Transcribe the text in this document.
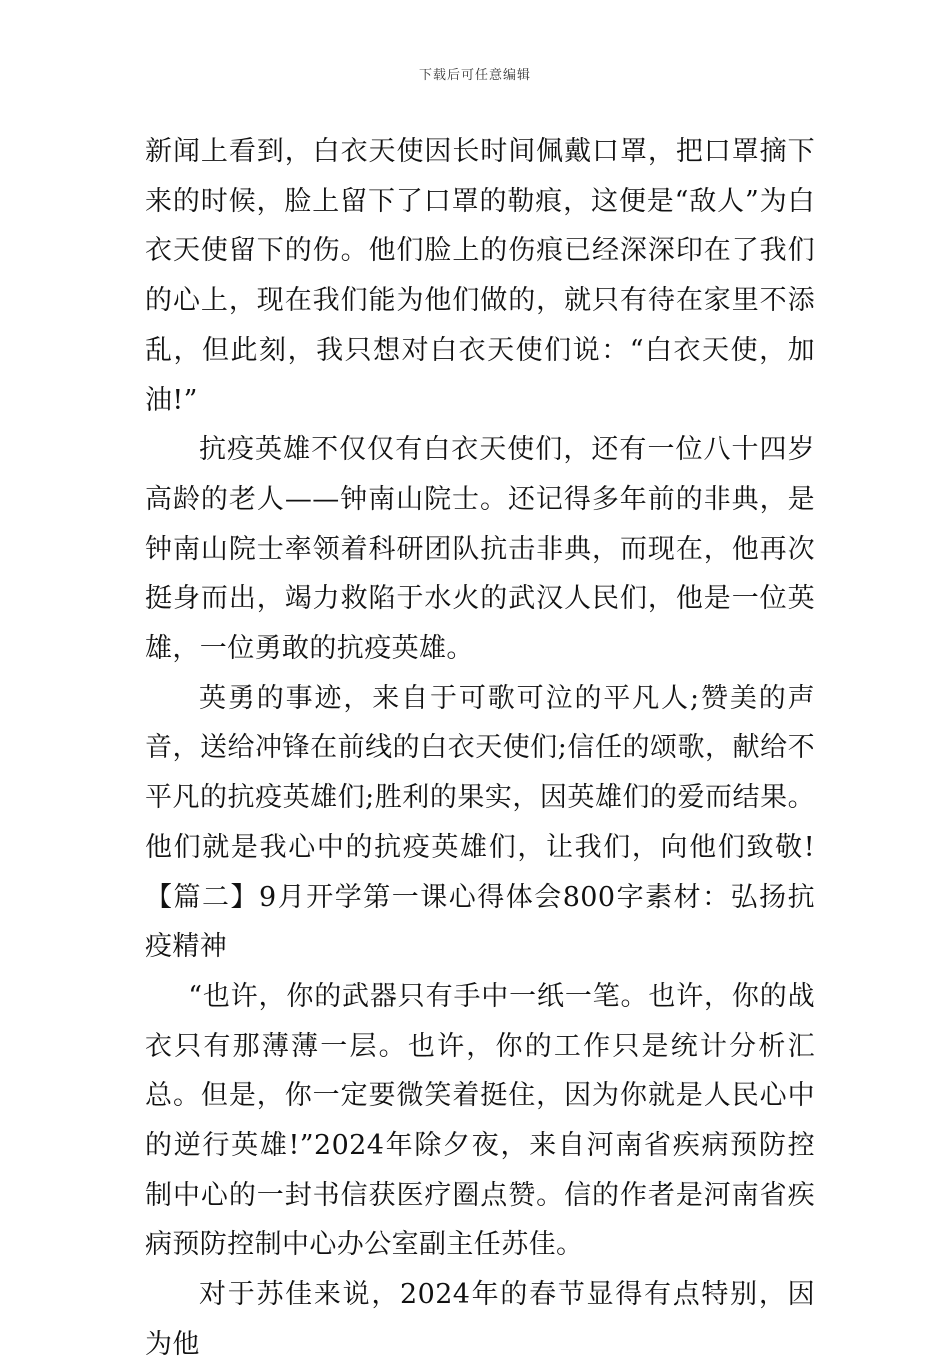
下载后可任意编辑

新闻上看到，白衣天使因长时间佩戴口罩，把口罩摘下来的时候，脸上留下了口罩的勒痕，这便是“敌人”为白衣天使留下的伤。他们脸上的伤痕已经深深印在了我们的心上，现在我们能为他们做的，就只有待在家里不添乱，但此刻，我只想对白衣天使们说：“白衣天使，加油!”

抗疫英雄不仅仅有白衣天使们，还有一位八十四岁高龄的老人——钟南山院士。还记得多年前的非典，是钟南山院士率领着科研团队抗击非典，而现在，他再次挺身而出，竭力救陷于水火的武汉人民们，他是一位英雄，一位勇敢的抗疫英雄。

英勇的事迹，来自于可歌可泣的平凡人;赞美的声音，送给冲锋在前线的白衣天使们;信任的颂歌，献给不平凡的抗疫英雄们;胜利的果实，因英雄们的爱而结果。他们就是我心中的抗疫英雄们，让我们，向他们致敬!【篇二】9月开学第一课心得体会800字素材：弘扬抗疫精神

“也许，你的武器只有手中一纸一笔。也许，你的战衣只有那薄薄一层。也许，你的工作只是统计分析汇总。但是，你一定要微笑着挺住，因为你就是人民心中的逆行英雄!”2024年除夕夜，来自河南省疾病预防控制中心的一封书信获医疗圈点赞。信的作者是河南省疾病预防控制中心办公室副主任苏佳。

对于苏佳来说，2024年的春节显得有点特别，因为他
